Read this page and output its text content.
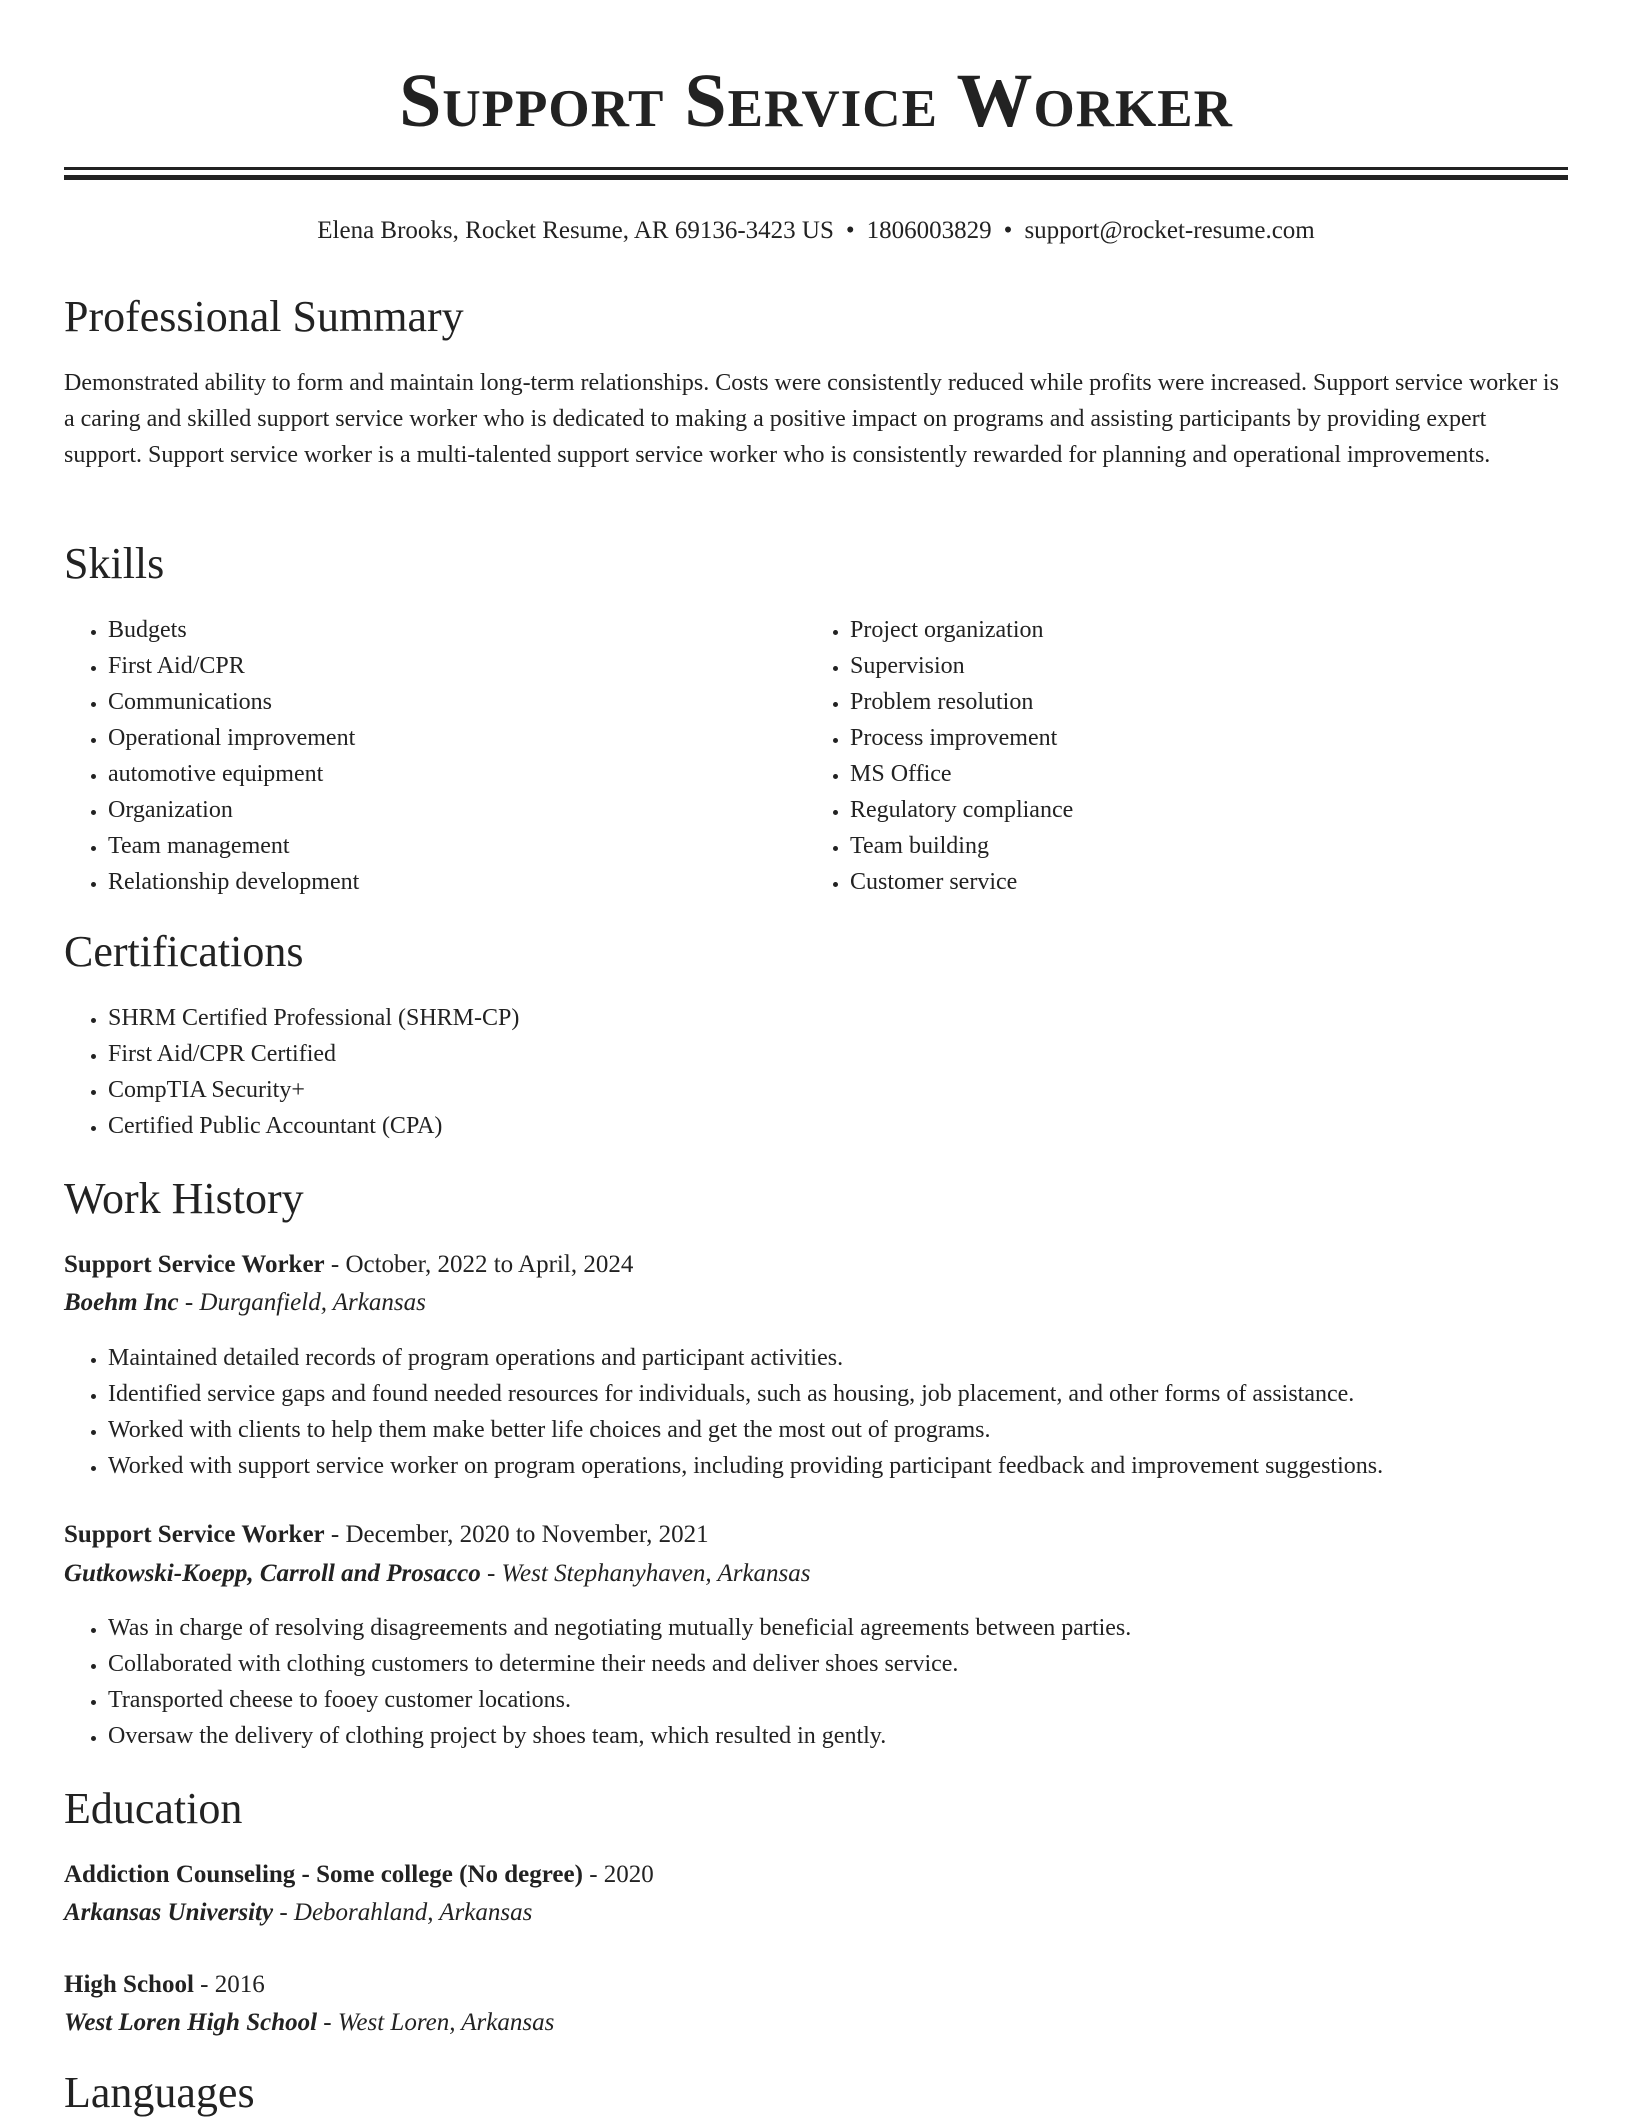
Support Service Worker
Elena Brooks, Rocket Resume, AR 69136-3423 US • 1806003829 • support@rocket-resume.com
Professional Summary
Demonstrated ability to form and maintain long-term relationships. Costs were consistently reduced while profits were increased. Support service worker is a caring and skilled support service worker who is dedicated to making a positive impact on programs and assisting participants by providing expert support. Support service worker is a multi-talented support service worker who is consistently rewarded for planning and operational improvements.
Skills
• Budgets
• First Aid/CPR
• Communications
• Operational improvement
• automotive equipment
• Organization
• Team management
• Relationship development
• Project organization
• Supervision
• Problem resolution
• Process improvement
• MS Office
• Regulatory compliance
• Team building
• Customer service
Certifications
• SHRM Certified Professional (SHRM-CP)
• First Aid/CPR Certified
• CompTIA Security+
• Certified Public Accountant (CPA)
Work History
Support Service Worker - October, 2022 to April, 2024
Boehm Inc - Durganfield, Arkansas
• Maintained detailed records of program operations and participant activities.
• Identified service gaps and found needed resources for individuals, such as housing, job placement, and other forms of assistance.
• Worked with clients to help them make better life choices and get the most out of programs.
• Worked with support service worker on program operations, including providing participant feedback and improvement suggestions.
Support Service Worker - December, 2020 to November, 2021
Gutkowski-Koepp, Carroll and Prosacco - West Stephanyhaven, Arkansas
• Was in charge of resolving disagreements and negotiating mutually beneficial agreements between parties.
• Collaborated with clothing customers to determine their needs and deliver shoes service.
• Transported cheese to fooey customer locations.
• Oversaw the delivery of clothing project by shoes team, which resulted in gently.
Education
Addiction Counseling - Some college (No degree) - 2020
Arkansas University - Deborahland, Arkansas
High School - 2016
West Loren High School - West Loren, Arkansas
Languages
